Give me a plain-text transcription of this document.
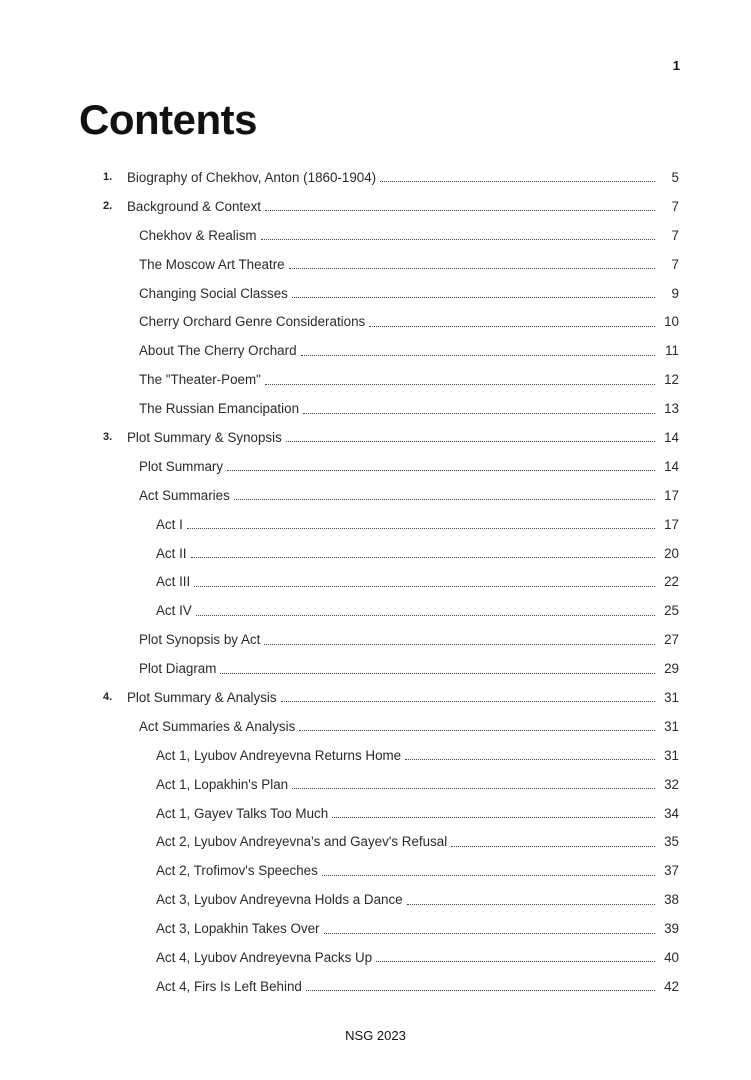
1
Contents
1. Biography of Chekhov, Anton (1860-1904)	5
2. Background & Context	7
Chekhov & Realism	7
The Moscow Art Theatre	7
Changing Social Classes	9
Cherry Orchard Genre Considerations	10
About The Cherry Orchard	11
The "Theater-Poem"	12
The Russian Emancipation	13
3. Plot Summary & Synopsis	14
Plot Summary	14
Act Summaries	17
Act I	17
Act II	20
Act III	22
Act IV	25
Plot Synopsis by Act	27
Plot Diagram	29
4. Plot Summary & Analysis	31
Act Summaries & Analysis	31
Act 1, Lyubov Andreyevna Returns Home	31
Act 1, Lopakhin's Plan	32
Act 1, Gayev Talks Too Much	34
Act 2, Lyubov Andreyevna's and Gayev's Refusal	35
Act 2, Trofimov's Speeches	37
Act 3, Lyubov Andreyevna Holds a Dance	38
Act 3, Lopakhin Takes Over	39
Act 4, Lyubov Andreyevna Packs Up	40
Act 4, Firs Is Left Behind	42
NSG 2023
